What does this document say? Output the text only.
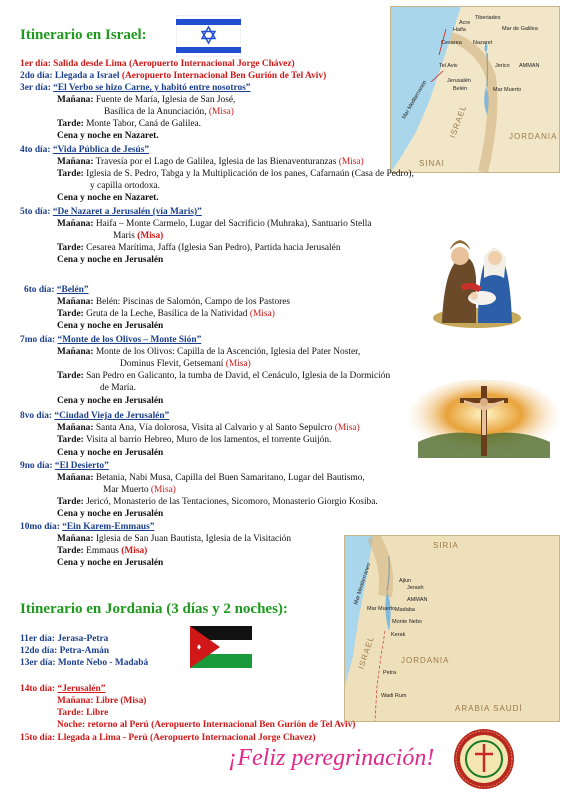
Itinerario en Israel:
Tiberiades
Acre
Haifa	Mar de Galilea
Cesarea Nazaret
Tel Aviv	Jerico AMMAN
Jerusalén
Belén	Mar Muerto
Mar Mediterraneo
ISRAEL	JORDANIA
SINAI
1er día: Salida desde Lima (Aeropuerto Internacional Jorge Chávez)
2do día: Llegada a Israel (Aeropuerto Internacional Ben Gurión de Tel Aviv)
3er día: “El Verbo se hizo Carne, y habitó entre nosotros”
Mañana: Fuente de María, Iglesia de San José,
Basílica de la Anunciación, (Misa)
Tarde: Monte Tabor, Caná de Galilea.
Cena y noche en Nazaret.
4to día: “Vida Pública de Jesús”
Mañana: Travesía por el Lago de Galilea, Iglesia de las Bienaventuranzas (Misa)
Tarde: Iglesia de S. Pedro, Tabga y la Multiplicación de los panes, Cafarnaún (Casa de Pedro),
y capilla ortodoxa.
Cena y noche en Nazaret.
5to día: “De Nazaret a Jerusalén (vía Maris)”
Mañana: Haifa – Monte Carmelo, Lugar del Sacrificio (Muhraka), Santuario Stella
Maris (Misa)
Tarde: Cesarea Marítima, Jaffa (Iglesia San Pedro), Partida hacia Jerusalén
Cena y noche en Jerusalén
6to día: “Belén”
Mañana: Belén: Piscinas de Salomón, Campo de los Pastores
Tarde: Gruta de la Leche, Basílica de la Natividad (Misa)
Cena y noche en Jerusalén
7mo día: “Monte de los Olivos – Monte Sión”
Mañana: Monte de los Olivos: Capilla de la Ascención, Iglesia del Pater Noster,
Dominus Flevit, Getsemaní (Misa)
Tarde: San Pedro en Galicanto, la tumba de David, el Cenáculo, Iglesia de la Dormición
de María.
Cena y noche en Jerusalén
8vo día: “Ciudad Vieja de Jerusalén”
Mañana: Santa Ana, Vía dolorosa, Visita al Calvario y al Santo Sepulcro (Misa)
Tarde: Visita al barrio Hebreo, Muro de los lamentos, el torrente Guijón.
Cena y noche en Jerusalén
9no día: “El Desierto”
Mañana: Betania, Nabi Musa, Capilla del Buen Samaritano, Lugar del Bautismo,
Mar Muerto (Misa)
Tarde: Jericó, Monasterio de las Tentaciones, Sicomoro, Monasterio Giorgio Kosiba.
Cena y noche en Jerusalén
10mo día: “Ein Karem-Emmaus”
Mañana: Iglesia de San Juan Bautista, Iglesia de la Visitación
Tarde: Emmaus (Misa)
Cena y noche en Jerusalén
SIRIA
Ajlun
Jerash
AMMAN
Madaba
Monte Nebo
Kerak
Petra
Wadi Rum
Mar Muerto
Mar Mediterraneo
ISRAEL	JORDANIA
ARABIA SAUDÍ
Itinerario en Jordania (3 días y 2 noches):
11er día: Jerasa-Petra
12do día: Petra-Amán
13er día: Monte Nebo - Madabá
14to día: “Jerusalén”
Mañana: Libre (Misa)
Tarde: Libre
Noche: retorno al Perú (Aeropuerto Internacional Ben Gurión de Tel Aviv)
15to día: Llegada a Lima - Perú (Aeropuerto Internacional Jorge Chavez)
¡Feliz peregrinación!
